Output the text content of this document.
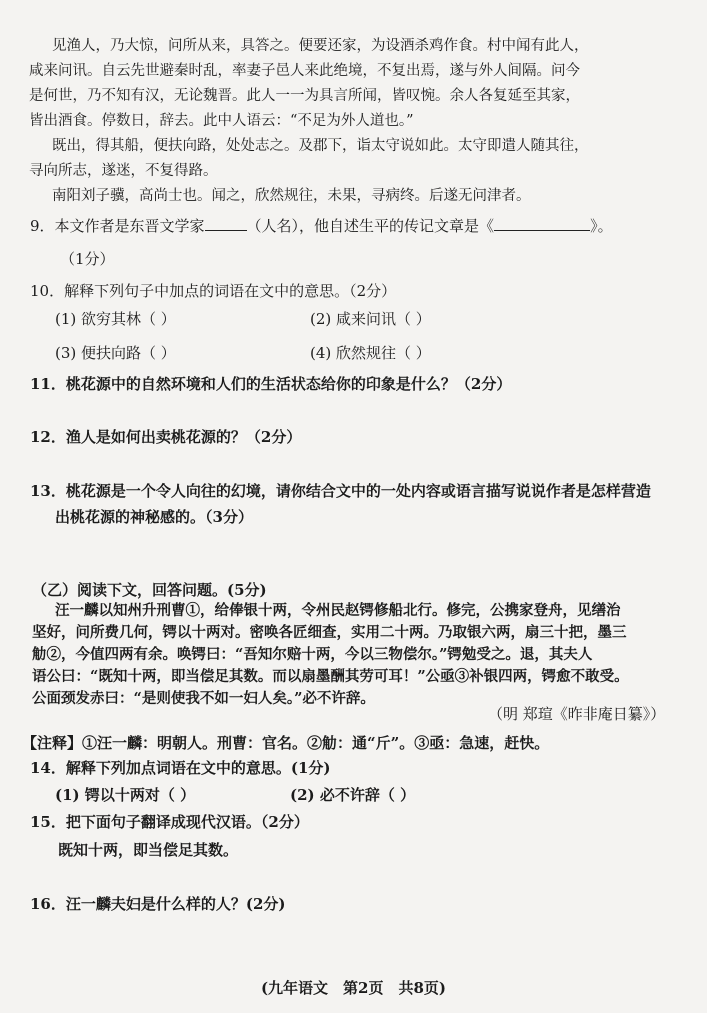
见渔人，乃大惊，问所从来，具答之。便要还家，为设酒杀鸡作食。村中闻有此人，
咸来问讯。自云先世避秦时乱，率妻子邑人来此绝境，不复出焉，遂与外人间隔。问今
是何世，乃不知有汉，无论魏晋。此人一一为具言所闻，皆叹惋。余人各复延至其家，
皆出酒食。停数日，辞去。此中人语云：“不足为外人道也。”
既出，得其船，便扶向路，处处志之。及郡下，诣太守说如此。太守即遣人随其往，
寻向所志，遂迷，不复得路。
南阳刘子骥，高尚士也。闻之，欣然规往，未果，寻病终。后遂无问津者。
9．本文作者是东晋文学家	（人名），他自述生平的传记文章是《	》。
（1分）
10．解释下列句子中加点的词语在文中的意思。（2分）
(1) 欲穷其林（ ）	(2) 咸来问讯（ ）
(3) 便扶向路（ ）	(4) 欣然规往（ ）
11．桃花源中的自然环境和人们的生活状态给你的印象是什么？（2分）
12．渔人是如何出卖桃花源的？（2分）
13．桃花源是一个令人向往的幻境，请你结合文中的一处内容或语言描写说说作者是怎样营造
出桃花源的神秘感的。（3分）
（乙）阅读下文，回答问题。(5分)
汪一麟以知州升刑曹①，给俸银十两，令州民赵锷修船北行。修完，公携家登舟，见缮治
坚好，问所费几何，锷以十两对。密唤各匠细查，实用二十两。乃取银六两，扇三十把，墨三
觔②，今值四两有余。唤锷曰：“吾知尔赔十两，今以三物偿尔。”锷勉受之。退，其夫人
语公曰：“既知十两，即当偿足其数。而以扇墨酬其劳可耳！”公亟③补银四两，锷愈不敢受。
公面颈发赤曰：“是则使我不如一妇人矣。”必不许辞。
（明 郑瑄《昨非庵日纂》）
【注释】①汪一麟：明朝人。刑曹：官名。②觔：通“斤”。③亟：急速，赶快。
14．解释下列加点词语在文中的意思。(1分)
(1) 锷以十两对（ ）	(2) 必不许辞（ ）
15．把下面句子翻译成现代汉语。（2分）
既知十两，即当偿足其数。
16．汪一麟夫妇是什么样的人？(2分)
(九年语文　第2页　共8页)
